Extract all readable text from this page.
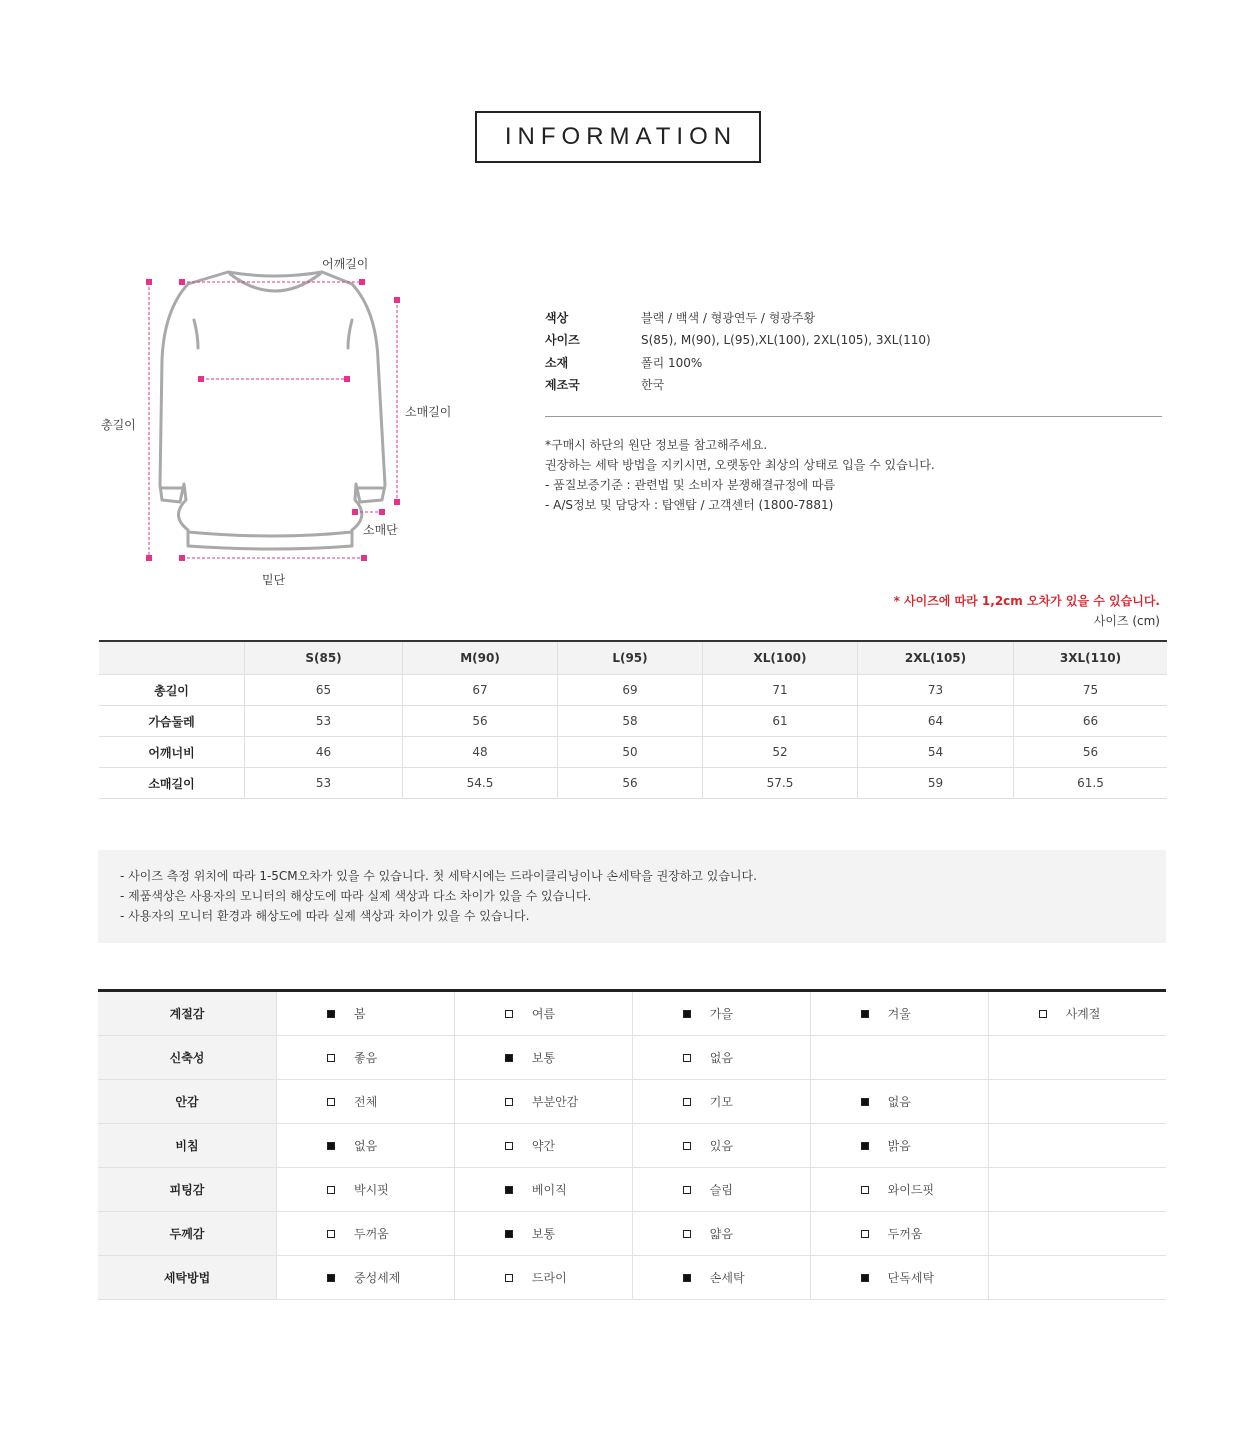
INFORMATION
어깨길이
총길이
소매길이
소매단
밑단
색상	블랙 / 백색 / 형광연두 / 형광주황
사이즈	S(85), M(90), L(95),XL(100), 2XL(105), 3XL(110)
소재	폴리 100%
제조국	한국
*구매시 하단의 원단 정보를 참고해주세요.
권장하는 세탁 방법을 지키시면, 오랫동안 최상의 상태로 입을 수 있습니다.
- 품질보증기준 : 관련법 및 소비자 분쟁해결규정에 따름
- A/S정보 및 담당자 : 탑앤탑 / 고객센터 (1800-7881)
* 사이즈에 따라 1,2cm 오차가 있을 수 있습니다.
사이즈 (cm)
	S(85)	M(90)	L(95)	XL(100)	2XL(105)	3XL(110)
총길이	65	67	69	71	73	75
가슴둘레	53	56	58	61	64	66
어깨너비	46	48	50	52	54	56
소매길이	53	54.5	56	57.5	59	61.5
- 사이즈 측정 위치에 따라 1-5CM오차가 있을 수 있습니다. 첫 세탁시에는 드라이클리닝이나 손세탁을 권장하고 있습니다.
- 제품색상은 사용자의 모니터의 해상도에 따라 실제 색상과 다소 차이가 있을 수 있습니다.
- 사용자의 모니터 환경과 해상도에 따라 실제 색상과 차이가 있을 수 있습니다.
계절감	봄	여름	가을	겨울	사계절

신축성	좋음	보통	없음		

안감	전체	부분안감	기모	없음	

비침	없음	약간	있음	밝음	

피팅감	박시핏	베이직	슬림	와이드핏	

두께감	두꺼움	보통	얇음	두꺼움	

세탁방법	중성세제	드라이	손세탁	단독세탁	
